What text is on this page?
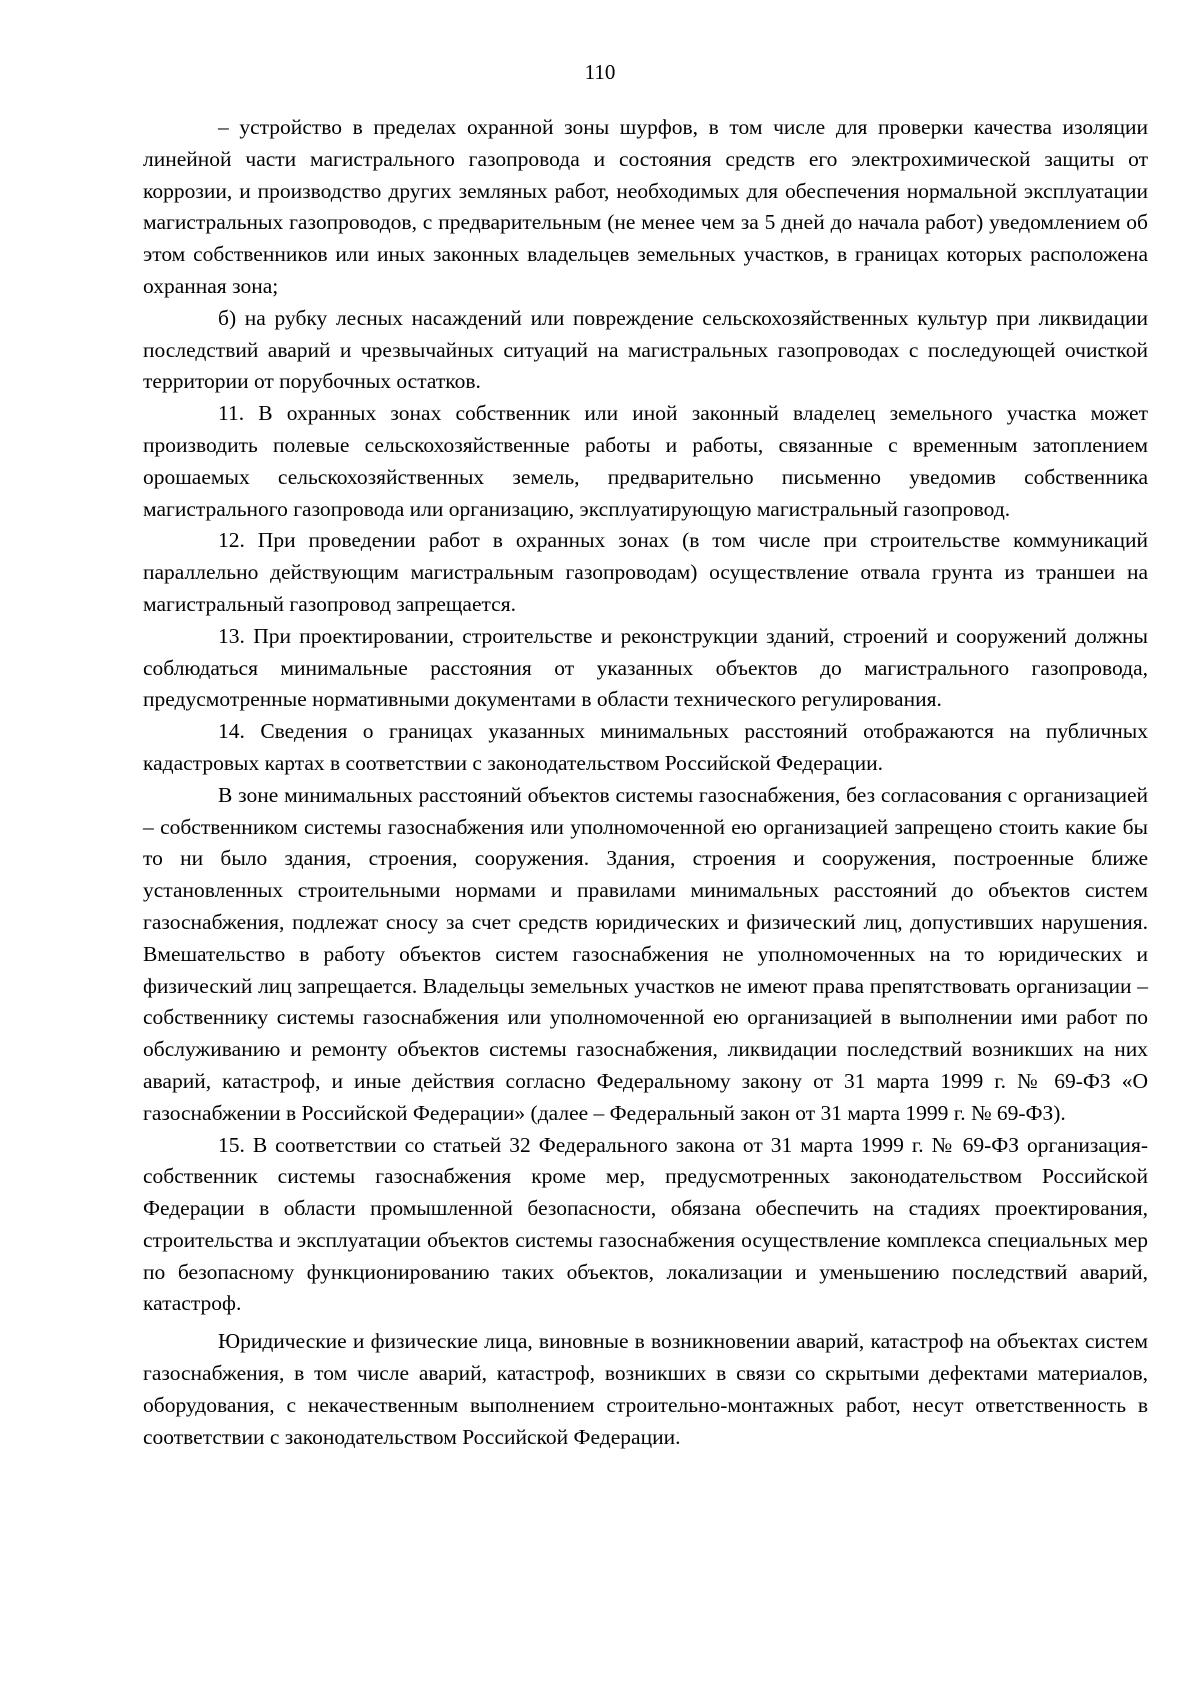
110

– устройство в пределах охранной зоны шурфов, в том числе для проверки качества изоляции линейной части магистрального газопровода и состояния средств его электрохимической защиты от коррозии, и производство других земляных работ, необходимых для обеспечения нормальной эксплуатации магистральных газопроводов, с предварительным (не менее чем за 5 дней до начала работ) уведомлением об этом собственников или иных законных владельцев земельных участков, в границах которых расположена охранная зона;

б) на рубку лесных насаждений или повреждение сельскохозяйственных культур при ликвидации последствий аварий и чрезвычайных ситуаций на магистральных газопроводах с последующей очисткой территории от порубочных остатков.

11. В охранных зонах собственник или иной законный владелец земельного участка может производить полевые сельскохозяйственные работы и работы, связанные с временным затоплением орошаемых сельскохозяйственных земель, предварительно письменно уведомив собственника магистрального газопровода или организацию, эксплуатирующую магистральный газопровод.

12. При проведении работ в охранных зонах (в том числе при строительстве коммуникаций параллельно действующим магистральным газопроводам) осуществление отвала грунта из траншеи на магистральный газопровод запрещается.

13. При проектировании, строительстве и реконструкции зданий, строений и сооружений должны соблюдаться минимальные расстояния от указанных объектов до магистрального газопровода, предусмотренные нормативными документами в области технического регулирования.

14. Сведения о границах указанных минимальных расстояний отображаются на публичных кадастровых картах в соответствии с законодательством Российской Федерации.

В зоне минимальных расстояний объектов системы газоснабжения, без согласования с организацией – собственником системы газоснабжения или уполномоченной ею организацией запрещено стоить какие бы то ни было здания, строения, сооружения. Здания, строения и сооружения, построенные ближе установленных строительными нормами и правилами минимальных расстояний до объектов систем газоснабжения, подлежат сносу за счет средств юридических и физический лиц, допустивших нарушения. Вмешательство в работу объектов систем газоснабжения не уполномоченных на то юридических и физический лиц запрещается. Владельцы земельных участков не имеют права препятствовать организации – собственнику системы газоснабжения или уполномоченной ею организацией в выполнении ими работ по обслуживанию и ремонту объектов системы газоснабжения, ликвидации последствий возникших на них аварий, катастроф, и иные действия согласно Федеральному закону от 31 марта 1999 г. № 69-ФЗ «О газоснабжении в Российской Федерации» (далее – Федеральный закон от 31 марта 1999 г. № 69-ФЗ).

15. В соответствии со статьей 32 Федерального закона от 31 марта 1999 г. № 69-ФЗ организация-собственник системы газоснабжения кроме мер, предусмотренных законодательством Российской Федерации в области промышленной безопасности, обязана обеспечить на стадиях проектирования, строительства и эксплуатации объектов системы газоснабжения осуществление комплекса специальных мер по безопасному функционированию таких объектов, локализации и уменьшению последствий аварий, катастроф.

Юридические и физические лица, виновные в возникновении аварий, катастроф на объектах систем газоснабжения, в том числе аварий, катастроф, возникших в связи со скрытыми дефектами материалов, оборудования, с некачественным выполнением строительно-монтажных работ, несут ответственность в соответствии с законодательством Российской Федерации.
